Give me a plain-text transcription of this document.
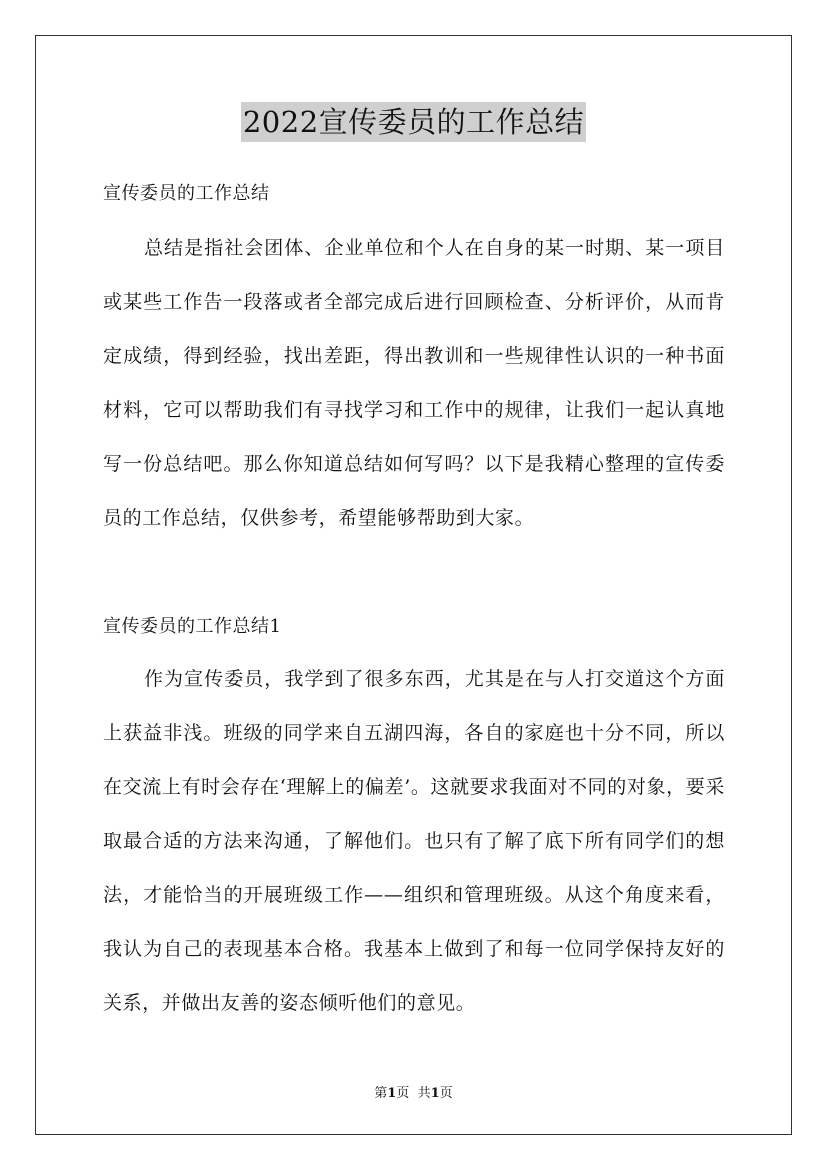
2022宣传委员的工作总结
宣传委员的工作总结

总结是指社会团体、企业单位和个人在自身的某一时期、某一项目或某些工作告一段落或者全部完成后进行回顾检查、分析评价，从而肯定成绩，得到经验，找出差距，得出教训和一些规律性认识的一种书面材料，它可以帮助我们有寻找学习和工作中的规律，让我们一起认真地写一份总结吧。那么你知道总结如何写吗？以下是我精心整理的宣传委员的工作总结，仅供参考，希望能够帮助到大家。

宣传委员的工作总结1

作为宣传委员，我学到了很多东西，尤其是在与人打交道这个方面上获益非浅。班级的同学来自五湖四海，各自的家庭也十分不同，所以在交流上有时会存在‘理解上的偏差’。这就要求我面对不同的对象，要采取最合适的方法来沟通，了解他们。也只有了解了底下所有同学们的想法，才能恰当的开展班级工作——组织和管理班级。从这个角度来看，我认为自己的表现基本合格。我基本上做到了和每一位同学保持友好的关系，并做出友善的姿态倾听他们的意见。

第1页 共1页
